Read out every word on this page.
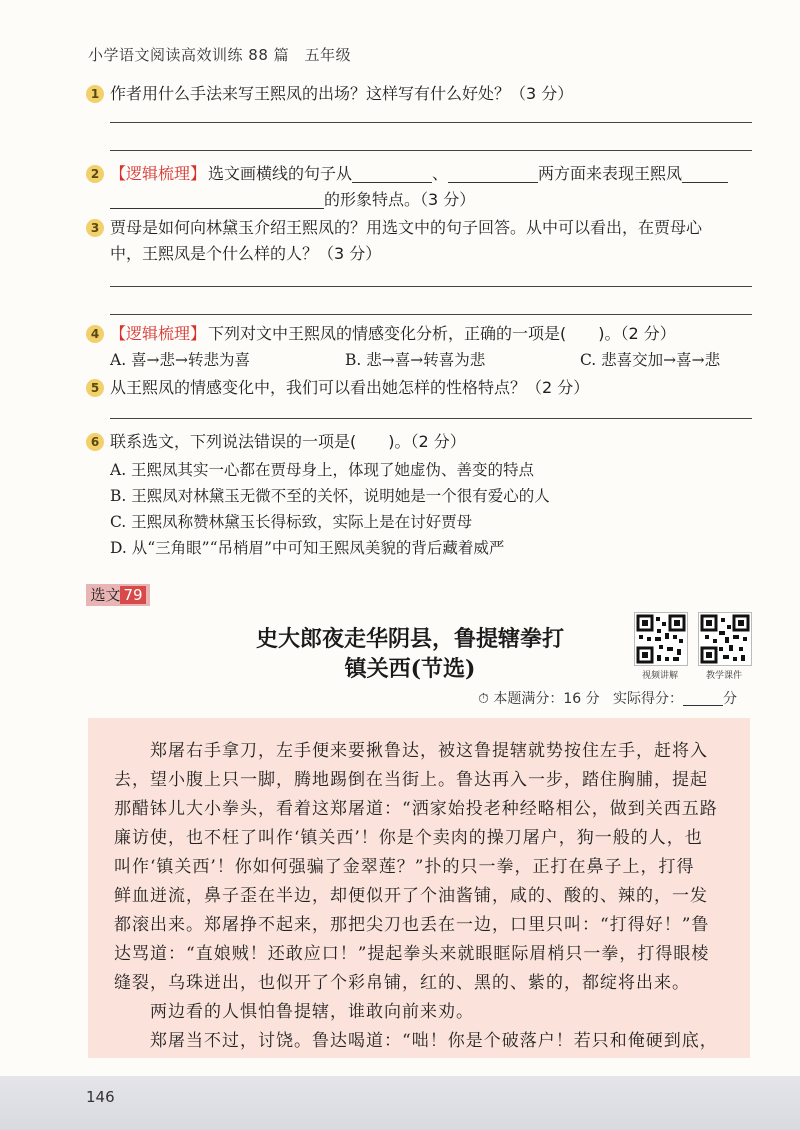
小学语文阅读高效训练 88 篇　五年级
1 作者用什么手法来写王熙凤的出场？这样写有什么好处？（3 分）
2 【逻辑梳理】 选文画横线的句子从	、	两方面来表现王熙凤
的形象特点。（3 分）
3 贾母是如何向林黛玉介绍王熙凤的？用选文中的句子回答。从中可以看出，在贾母心
中，王熙凤是个什么样的人？（3 分）
4 【逻辑梳理】 下列对文中王熙凤的情感变化分析，正确的一项是(　　)。（2 分）
A. 喜→悲→转悲为喜	B. 悲→喜→转喜为悲	C. 悲喜交加→喜→悲
5 从王熙凤的情感变化中，我们可以看出她怎样的性格特点？（2 分）
6 联系选文，下列说法错误的一项是(　　)。（2 分）
A. 王熙凤其实一心都在贾母身上，体现了她虚伪、善变的特点
B. 王熙凤对林黛玉无微不至的关怀，说明她是一个很有爱心的人
C. 王熙凤称赞林黛玉长得标致，实际上是在讨好贾母
D. 从“三角眼”“吊梢眉”中可知王熙凤美貌的背后藏着威严
选文 79
史大郎夜走华阴县，鲁提辖拳打
镇关西(节选)	视频讲解	教学课件
⏱ 本题满分：16 分 实际得分：	分
　　郑屠右手拿刀，左手便来要揪鲁达，被这鲁提辖就势按住左手，赶将入
去，望小腹上只一脚，腾地踢倒在当街上。鲁达再入一步，踏住胸脯，提起
那醋钵儿大小拳头，看着这郑屠道：“洒家始投老种经略相公，做到关西五路
廉访使，也不枉了叫作‘镇关西’！你是个卖肉的操刀屠户，狗一般的人，也
叫作‘镇关西’！你如何强骗了金翠莲？”扑的只一拳，正打在鼻子上，打得
鲜血迸流，鼻子歪在半边，却便似开了个油酱铺，咸的、酸的、辣的，一发
都滚出来。郑屠挣不起来，那把尖刀也丢在一边，口里只叫：“打得好！”鲁
达骂道：“直娘贼！还敢应口！”提起拳头来就眼眶际眉梢只一拳，打得眼棱
缝裂，乌珠迸出，也似开了个彩帛铺，红的、黑的、紫的，都绽将出来。
　　两边看的人惧怕鲁提辖，谁敢向前来劝。
　　郑屠当不过，讨饶。鲁达喝道：“咄！你是个破落户！若只和俺硬到底，
146
